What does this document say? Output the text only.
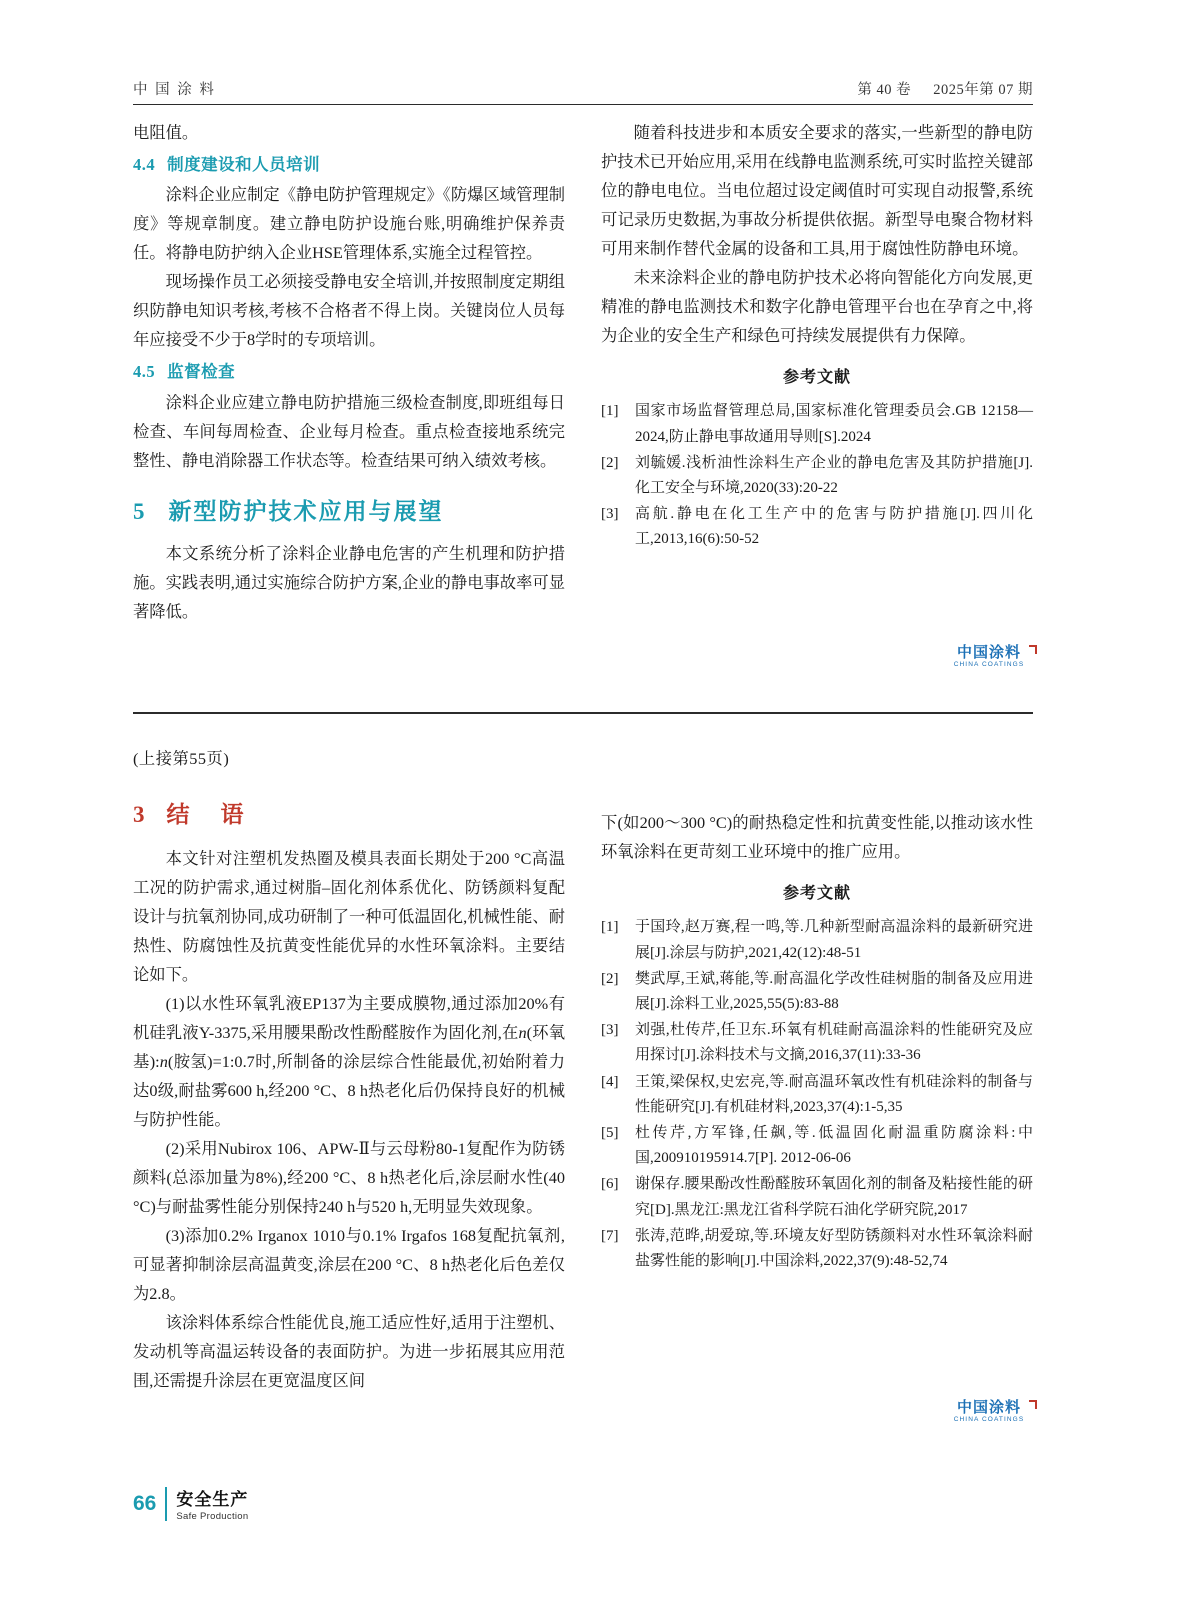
中 国 涂 料	第 40 卷 2025年第 07 期

电阻值。

4.4 制度建设和人员培训

涂料企业应制定《静电防护管理规定》《防爆区域管理制度》等规章制度。建立静电防护设施台账,明确维护保养责任。将静电防护纳入企业HSE管理体系,实施全过程管控。

现场操作员工必须接受静电安全培训,并按照制度定期组织防静电知识考核,考核不合格者不得上岗。关键岗位人员每年应接受不少于8学时的专项培训。

4.5 监督检查

涂料企业应建立静电防护措施三级检查制度,即班组每日检查、车间每周检查、企业每月检查。重点检查接地系统完整性、静电消除器工作状态等。检查结果可纳入绩效考核。

5 新型防护技术应用与展望

本文系统分析了涂料企业静电危害的产生机理和防护措施。实践表明,通过实施综合防护方案,企业的静电事故率可显著降低。

随着科技进步和本质安全要求的落实,一些新型的静电防护技术已开始应用,采用在线静电监测系统,可实时监控关键部位的静电电位。当电位超过设定阈值时可实现自动报警,系统可记录历史数据,为事故分析提供依据。新型导电聚合物材料可用来制作替代金属的设备和工具,用于腐蚀性防静电环境。

未来涂料企业的静电防护技术必将向智能化方向发展,更精准的静电监测技术和数字化静电管理平台也在孕育之中,将为企业的安全生产和绿色可持续发展提供有力保障。

参考文献
[1]	国家市场监督管理总局,国家标准化管理委员会.GB 12158—2024,防止静电事故通用导则[S].2024
[2]	刘毓媛.浅析油性涂料生产企业的静电危害及其防护措施[J].化工安全与环境,2020(33):20-22
[3]	高航.静电在化工生产中的危害与防护措施[J].四川化工,2013,16(6):50-52
中国涂料
CHINA COATINGS
(上接第55页)
3 结　语

本文针对注塑机发热圈及模具表面长期处于200 °C高温工况的防护需求,通过树脂–固化剂体系优化、防锈颜料复配设计与抗氧剂协同,成功研制了一种可低温固化,机械性能、耐热性、防腐蚀性及抗黄变性能优异的水性环氧涂料。主要结论如下。

(1)以水性环氧乳液EP137为主要成膜物,通过添加20%有机硅乳液Y-3375,采用腰果酚改性酚醛胺作为固化剂,在n(环氧基):n(胺氢)=1:0.7时,所制备的涂层综合性能最优,初始附着力达0级,耐盐雾600 h,经200 °C、8 h热老化后仍保持良好的机械与防护性能。

(2)采用Nubirox 106、APW-Ⅱ与云母粉80-1复配作为防锈颜料(总添加量为8%),经200 °C、8 h热老化后,涂层耐水性(40 °C)与耐盐雾性能分别保持240 h与520 h,无明显失效现象。

(3)添加0.2% Irganox 1010与0.1% Irgafos 168复配抗氧剂,可显著抑制涂层高温黄变,涂层在200 °C、8 h热老化后色差仅为2.8。

该涂料体系综合性能优良,施工适应性好,适用于注塑机、发动机等高温运转设备的表面防护。为进一步拓展其应用范围,还需提升涂层在更宽温度区间

下(如200～300 °C)的耐热稳定性和抗黄变性能,以推动该水性环氧涂料在更苛刻工业环境中的推广应用。

参考文献
[1]	于国玲,赵万赛,程一鸣,等.几种新型耐高温涂料的最新研究进展[J].涂层与防护,2021,42(12):48-51
[2]	樊武厚,王斌,蒋能,等.耐高温化学改性硅树脂的制备及应用进展[J].涂料工业,2025,55(5):83-88
[3]	刘强,杜传芹,任卫东.环氧有机硅耐高温涂料的性能研究及应用探讨[J].涂料技术与文摘,2016,37(11):33-36
[4]	王策,梁保权,史宏亮,等.耐高温环氧改性有机硅涂料的制备与性能研究[J].有机硅材料,2023,37(4):1-5,35
[5]	杜传芹,方军锋,任飙,等.低温固化耐温重防腐涂料:中国,200910195914.7[P]. 2012-06-06
[6]	谢保存.腰果酚改性酚醛胺环氧固化剂的制备及粘接性能的研究[D].黑龙江:黑龙江省科学院石油化学研究院,2017
[7]	张涛,范晔,胡爱琼,等.环境友好型防锈颜料对水性环氧涂料耐盐雾性能的影响[J].中国涂料,2022,37(9):48-52,74
中国涂料
CHINA COATINGS
66 安全生产
Safe Production
